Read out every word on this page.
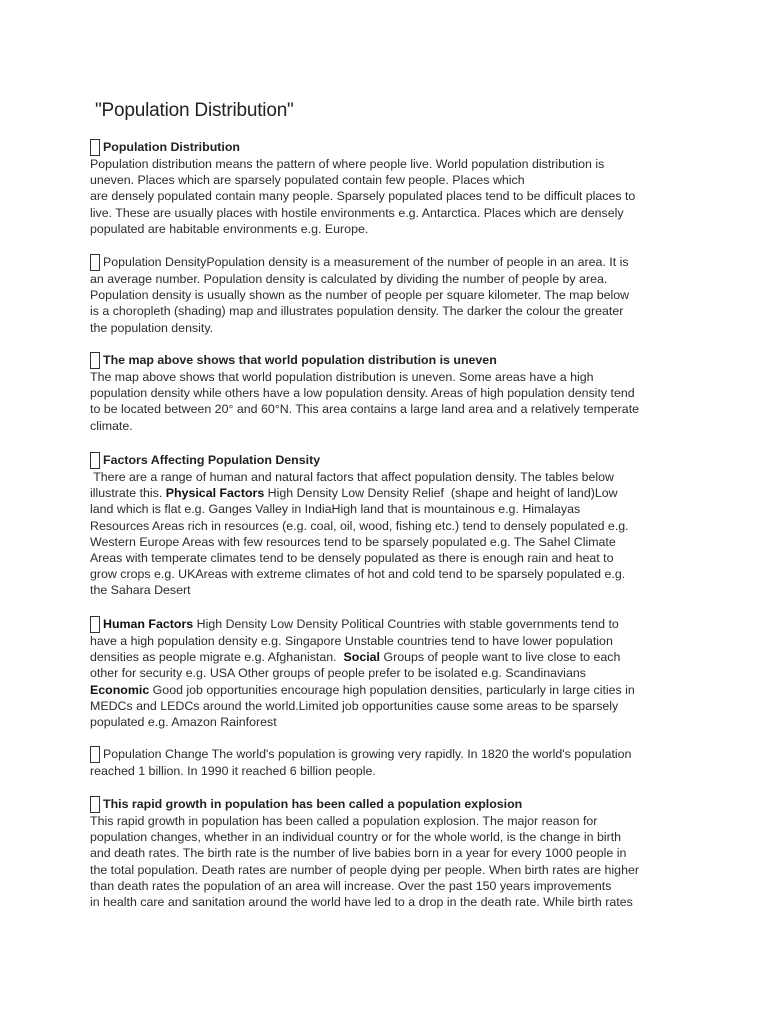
"Population Distribution"
Population Distribution
Population distribution means the pattern of where people live. World population distribution is
uneven. Places which are sparsely populated contain few people. Places which
are densely populated contain many people. Sparsely populated places tend to be difficult places to
live. These are usually places with hostile environments e.g. Antarctica. Places which are densely
populated are habitable environments e.g. Europe.
Population DensityPopulation density is a measurement of the number of people in an area. It is
an average number. Population density is calculated by dividing the number of people by area.
Population density is usually shown as the number of people per square kilometer. The map below
is a choropleth (shading) map and illustrates population density. The darker the colour the greater
the population density.
The map above shows that world population distribution is uneven
The map above shows that world population distribution is uneven. Some areas have a high
population density while others have a low population density. Areas of high population density tend
to be located between 20° and 60°N. This area contains a large land area and a relatively temperate
climate.
Factors Affecting Population Density
There are a range of human and natural factors that affect population density. The tables below
illustrate this. Physical Factors High Density Low Density Relief  (shape and height of land)Low
land which is flat e.g. Ganges Valley in IndiaHigh land that is mountainous e.g. Himalayas
Resources Areas rich in resources (e.g. coal, oil, wood, fishing etc.) tend to densely populated e.g.
Western Europe Areas with few resources tend to be sparsely populated e.g. The Sahel Climate
Areas with temperate climates tend to be densely populated as there is enough rain and heat to
grow crops e.g. UKAreas with extreme climates of hot and cold tend to be sparsely populated e.g.
the Sahara Desert
Human Factors High Density Low Density Political Countries with stable governments tend to
have a high population density e.g. Singapore Unstable countries tend to have lower population
densities as people migrate e.g. Afghanistan.  Social Groups of people want to live close to each
other for security e.g. USA Other groups of people prefer to be isolated e.g. Scandinavians
Economic Good job opportunities encourage high population densities, particularly in large cities in
MEDCs and LEDCs around the world.Limited job opportunities cause some areas to be sparsely
populated e.g. Amazon Rainforest
Population Change The world's population is growing very rapidly. In 1820 the world's population
reached 1 billion. In 1990 it reached 6 billion people.
This rapid growth in population has been called a population explosion
This rapid growth in population has been called a population explosion. The major reason for
population changes, whether in an individual country or for the whole world, is the change in birth
and death rates. The birth rate is the number of live babies born in a year for every 1000 people in
the total population. Death rates are number of people dying per people. When birth rates are higher
than death rates the population of an area will increase. Over the past 150 years improvements
in health care and sanitation around the world have led to a drop in the death rate. While birth rates
